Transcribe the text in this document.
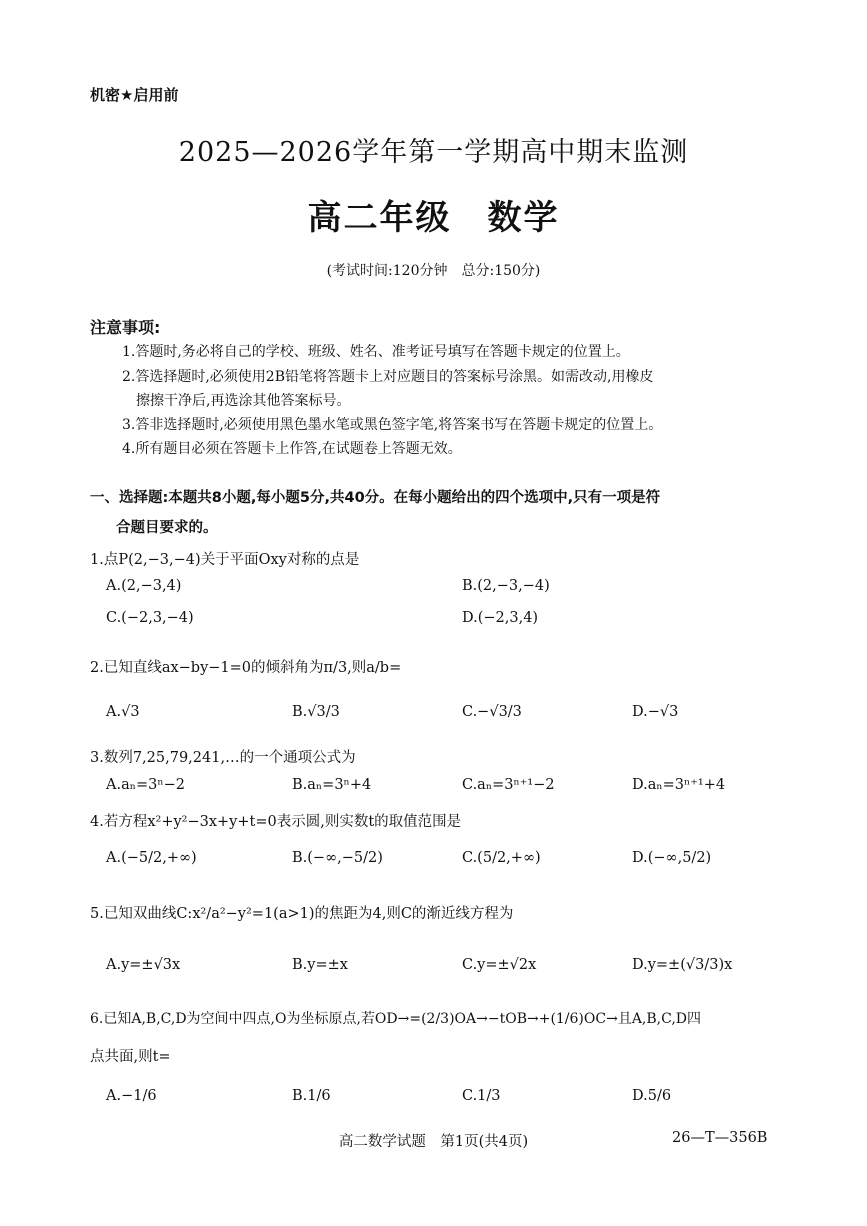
机密★启用前
2025—2026学年第一学期高中期末监测
高二年级　数学
(考试时间:120分钟　总分:150分)
注意事项:
1.答题时,务必将自己的学校、班级、姓名、准考证号填写在答题卡规定的位置上。
2.答选择题时,必须使用2B铅笔将答题卡上对应题目的答案标号涂黑。如需改动,用橡皮
擦擦干净后,再选涂其他答案标号。
3.答非选择题时,必须使用黑色墨水笔或黑色签字笔,将答案书写在答题卡规定的位置上。
4.所有题目必须在答题卡上作答,在试题卷上答题无效。
一、选择题:本题共8小题,每小题5分,共40分。在每小题给出的四个选项中,只有一项是符
合题目要求的。
1.点P(2,−3,−4)关于平面Oxy对称的点是
A.(2,−3,4)	B.(2,−3,−4)
C.(−2,3,−4)	D.(−2,3,4)
2.已知直线ax−by−1=0的倾斜角为π/3,则a/b=
A.√3	B.√3/3	C.−√3/3	D.−√3
3.数列7,25,79,241,…的一个通项公式为
A.aₙ=3ⁿ−2	B.aₙ=3ⁿ+4	C.aₙ=3ⁿ⁺¹−2	D.aₙ=3ⁿ⁺¹+4
4.若方程x²+y²−3x+y+t=0表示圆,则实数t的取值范围是
A.(−5/2,+∞)	B.(−∞,−5/2)	C.(5/2,+∞)	D.(−∞,5/2)
5.已知双曲线C:x²/a²−y²=1(a>1)的焦距为4,则C的渐近线方程为
A.y=±√3x	B.y=±x	C.y=±√2x	D.y=±(√3/3)x
6.已知A,B,C,D为空间中四点,O为坐标原点,若OD→=(2/3)OA→−tOB→+(1/6)OC→且A,B,C,D四
点共面,则t=
A.−1/6	B.1/6	C.1/3	D.5/6
高二数学试题　第1页(共4页)	26—T—356B
